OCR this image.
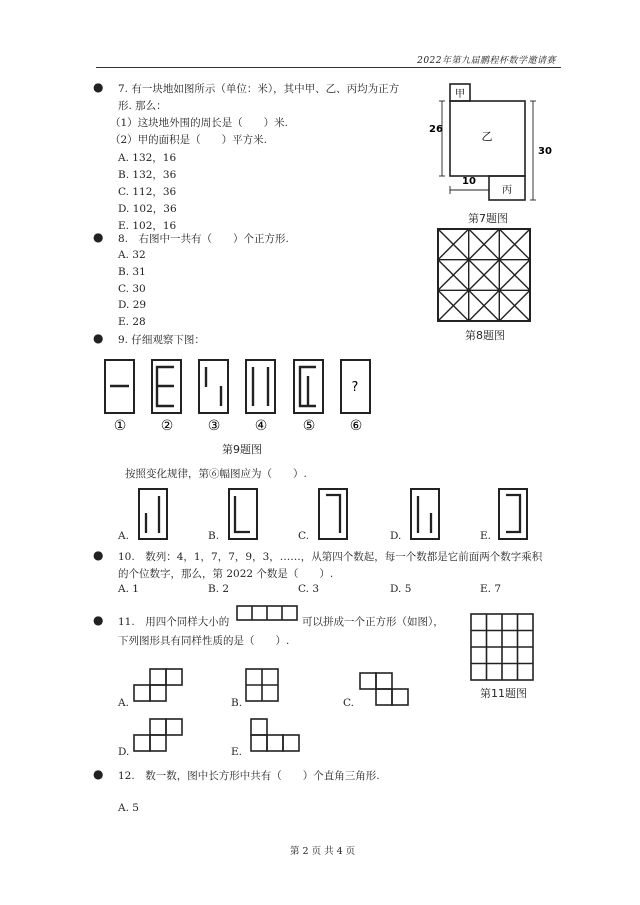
2022年第九届鹏程杯数学邀请赛
● 7. 有一块地如图所示（单位：米），其中甲、乙、丙均为正方
形. 那么：
（1）这块地外围的周长是（　　）米.
（2）甲的面积是（　　）平方米.
A. 132，16
B. 132，36
C. 112，36
D. 102，36
E. 102，16
甲
乙
丙
26
30
10
第7题图
● 8.　右图中一共有（　　）个正方形.
A. 32
B. 31
C. 30
D. 29
E. 28
第8题图
● 9. 仔细观察下图：
?
① ② ③ ④	⑤ ⑥
第9题图
按照变化规律，第⑥幅图应为（　　）.
A.	B.	C.	D.	E.
● 10.　数列：4，1，7，7，9，3，……，从第四个数起，每一个数都是它前面两个数字乘积
的个位数字，那么，第 2022 个数是（　　）.
A. 1	B. 2	C. 3	D. 5	E. 7
● 11.　用四个同样大小的	可以拼成一个正方形（如图），
下列图形具有同样性质的是（　　）.
第11题图
A.	B.	C.
D.	E.
● 12.　数一数，图中长方形中共有（　　）个直角三角形.
A. 5
第 2 页 共 4 页
